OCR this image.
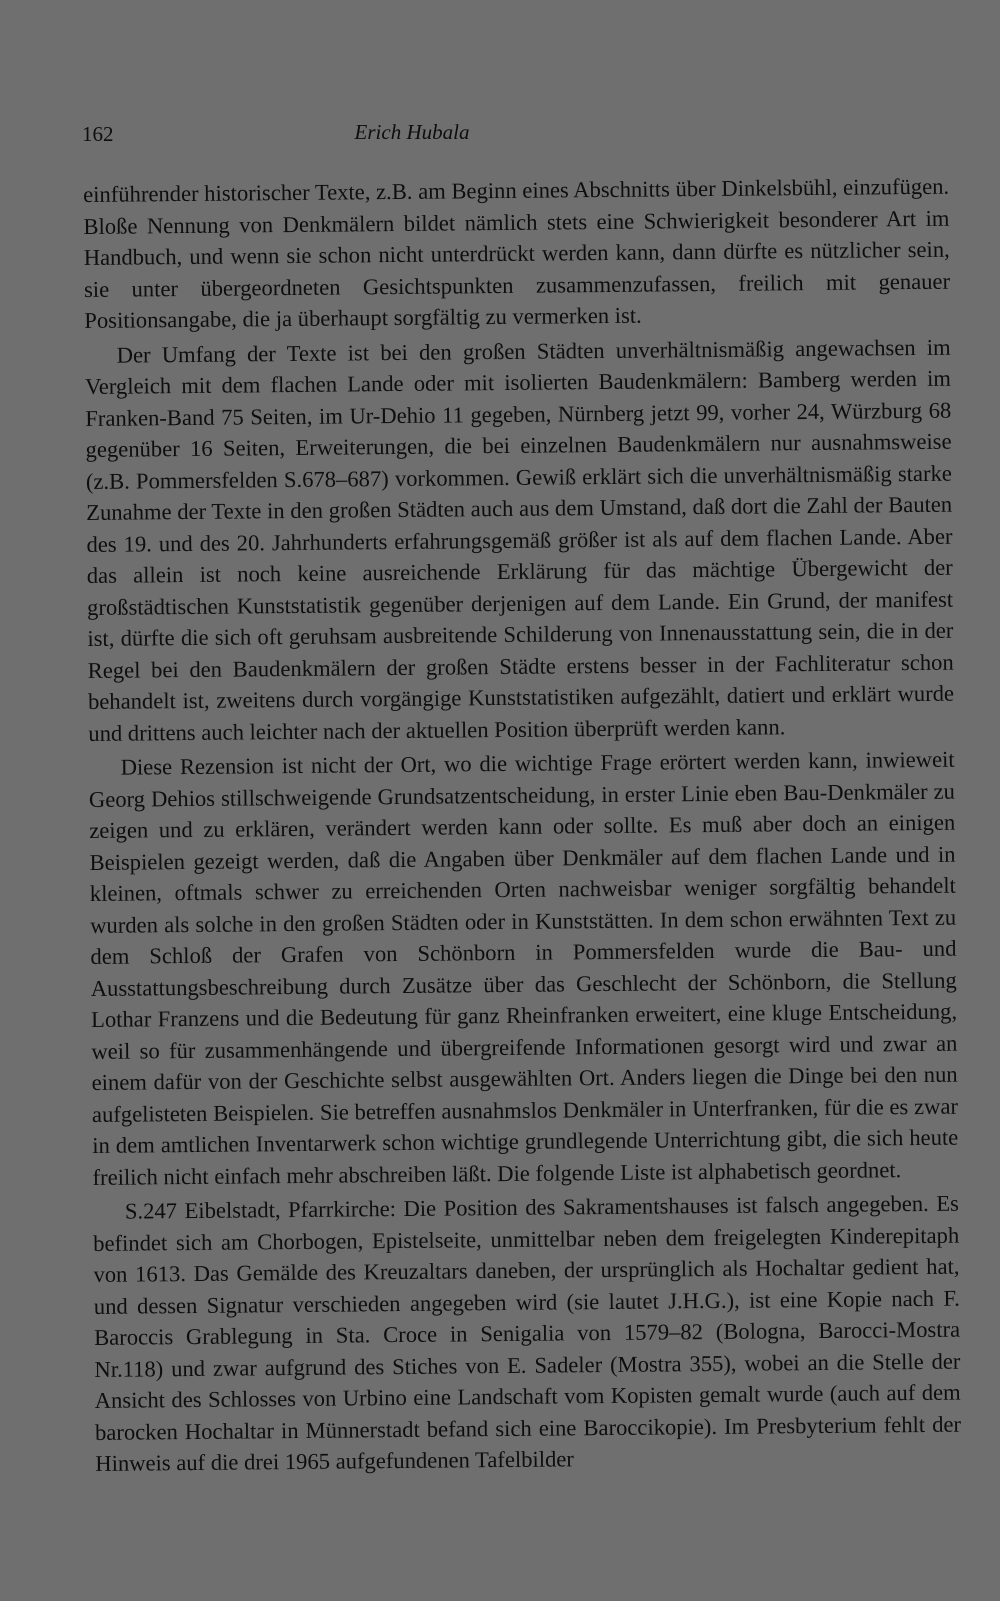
162	Erich Hubala

einführender historischer Texte, z.B. am Beginn eines Abschnitts über Dinkelsbühl, einzufügen. Bloße Nennung von Denkmälern bildet nämlich stets eine Schwierigkeit besonderer Art im Handbuch, und wenn sie schon nicht unterdrückt werden kann, dann dürfte es nützlicher sein, sie unter übergeordneten Gesichtspunkten zusammenzufassen, freilich mit genauer Positionsangabe, die ja überhaupt sorgfältig zu vermerken ist.

Der Umfang der Texte ist bei den großen Städten unverhältnismäßig angewachsen im Vergleich mit dem flachen Lande oder mit isolierten Baudenkmälern: Bamberg werden im Franken-Band 75 Seiten, im Ur-Dehio 11 gegeben, Nürnberg jetzt 99, vorher 24, Würzburg 68 gegenüber 16 Seiten, Erweiterungen, die bei einzelnen Baudenkmälern nur ausnahmsweise (z.B. Pommersfelden S.678–687) vorkommen. Gewiß erklärt sich die unverhältnismäßig starke Zunahme der Texte in den großen Städten auch aus dem Umstand, daß dort die Zahl der Bauten des 19. und des 20. Jahrhunderts erfahrungsgemäß größer ist als auf dem flachen Lande. Aber das allein ist noch keine ausreichende Erklärung für das mächtige Übergewicht der großstädtischen Kunststatistik gegenüber derjenigen auf dem Lande. Ein Grund, der manifest ist, dürfte die sich oft geruhsam ausbreitende Schilderung von Innenausstattung sein, die in der Regel bei den Baudenkmälern der großen Städte erstens besser in der Fachliteratur schon behandelt ist, zweitens durch vorgängige Kunststatistiken aufgezählt, datiert und erklärt wurde und drittens auch leichter nach der aktuellen Position überprüft werden kann.

Diese Rezension ist nicht der Ort, wo die wichtige Frage erörtert werden kann, inwieweit Georg Dehios stillschweigende Grundsatzentscheidung, in erster Linie eben Bau-Denkmäler zu zeigen und zu erklären, verändert werden kann oder sollte. Es muß aber doch an einigen Beispielen gezeigt werden, daß die Angaben über Denkmäler auf dem flachen Lande und in kleinen, oftmals schwer zu erreichenden Orten nachweisbar weniger sorgfältig behandelt wurden als solche in den großen Städten oder in Kunststätten. In dem schon erwähnten Text zu dem Schloß der Grafen von Schönborn in Pommersfelden wurde die Bau- und Ausstattungsbeschreibung durch Zusätze über das Geschlecht der Schönborn, die Stellung Lothar Franzens und die Bedeutung für ganz Rheinfranken erweitert, eine kluge Entscheidung, weil so für zusammenhängende und übergreifende Informationen gesorgt wird und zwar an einem dafür von der Geschichte selbst ausgewählten Ort. Anders liegen die Dinge bei den nun aufgelisteten Beispielen. Sie betreffen ausnahmslos Denkmäler in Unterfranken, für die es zwar in dem amtlichen Inventarwerk schon wichtige grundlegende Unterrichtung gibt, die sich heute freilich nicht einfach mehr abschreiben läßt. Die folgende Liste ist alphabetisch geordnet.

S.247 Eibelstadt, Pfarrkirche: Die Position des Sakramentshauses ist falsch angegeben. Es befindet sich am Chorbogen, Epistelseite, unmittelbar neben dem freigelegten Kinderepitaph von 1613. Das Gemälde des Kreuzaltars daneben, der ursprünglich als Hochaltar gedient hat, und dessen Signatur verschieden angegeben wird (sie lautet J.H.G.), ist eine Kopie nach F. Baroccis Grablegung in Sta. Croce in Senigalia von 1579–82 (Bologna, Barocci-Mostra Nr.118) und zwar aufgrund des Stiches von E. Sadeler (Mostra 355), wobei an die Stelle der Ansicht des Schlosses von Urbino eine Landschaft vom Kopisten gemalt wurde (auch auf dem barocken Hochaltar in Münnerstadt befand sich eine Baroccikopie). Im Presbyterium fehlt der Hinweis auf die drei 1965 aufgefundenen Tafelbilder
